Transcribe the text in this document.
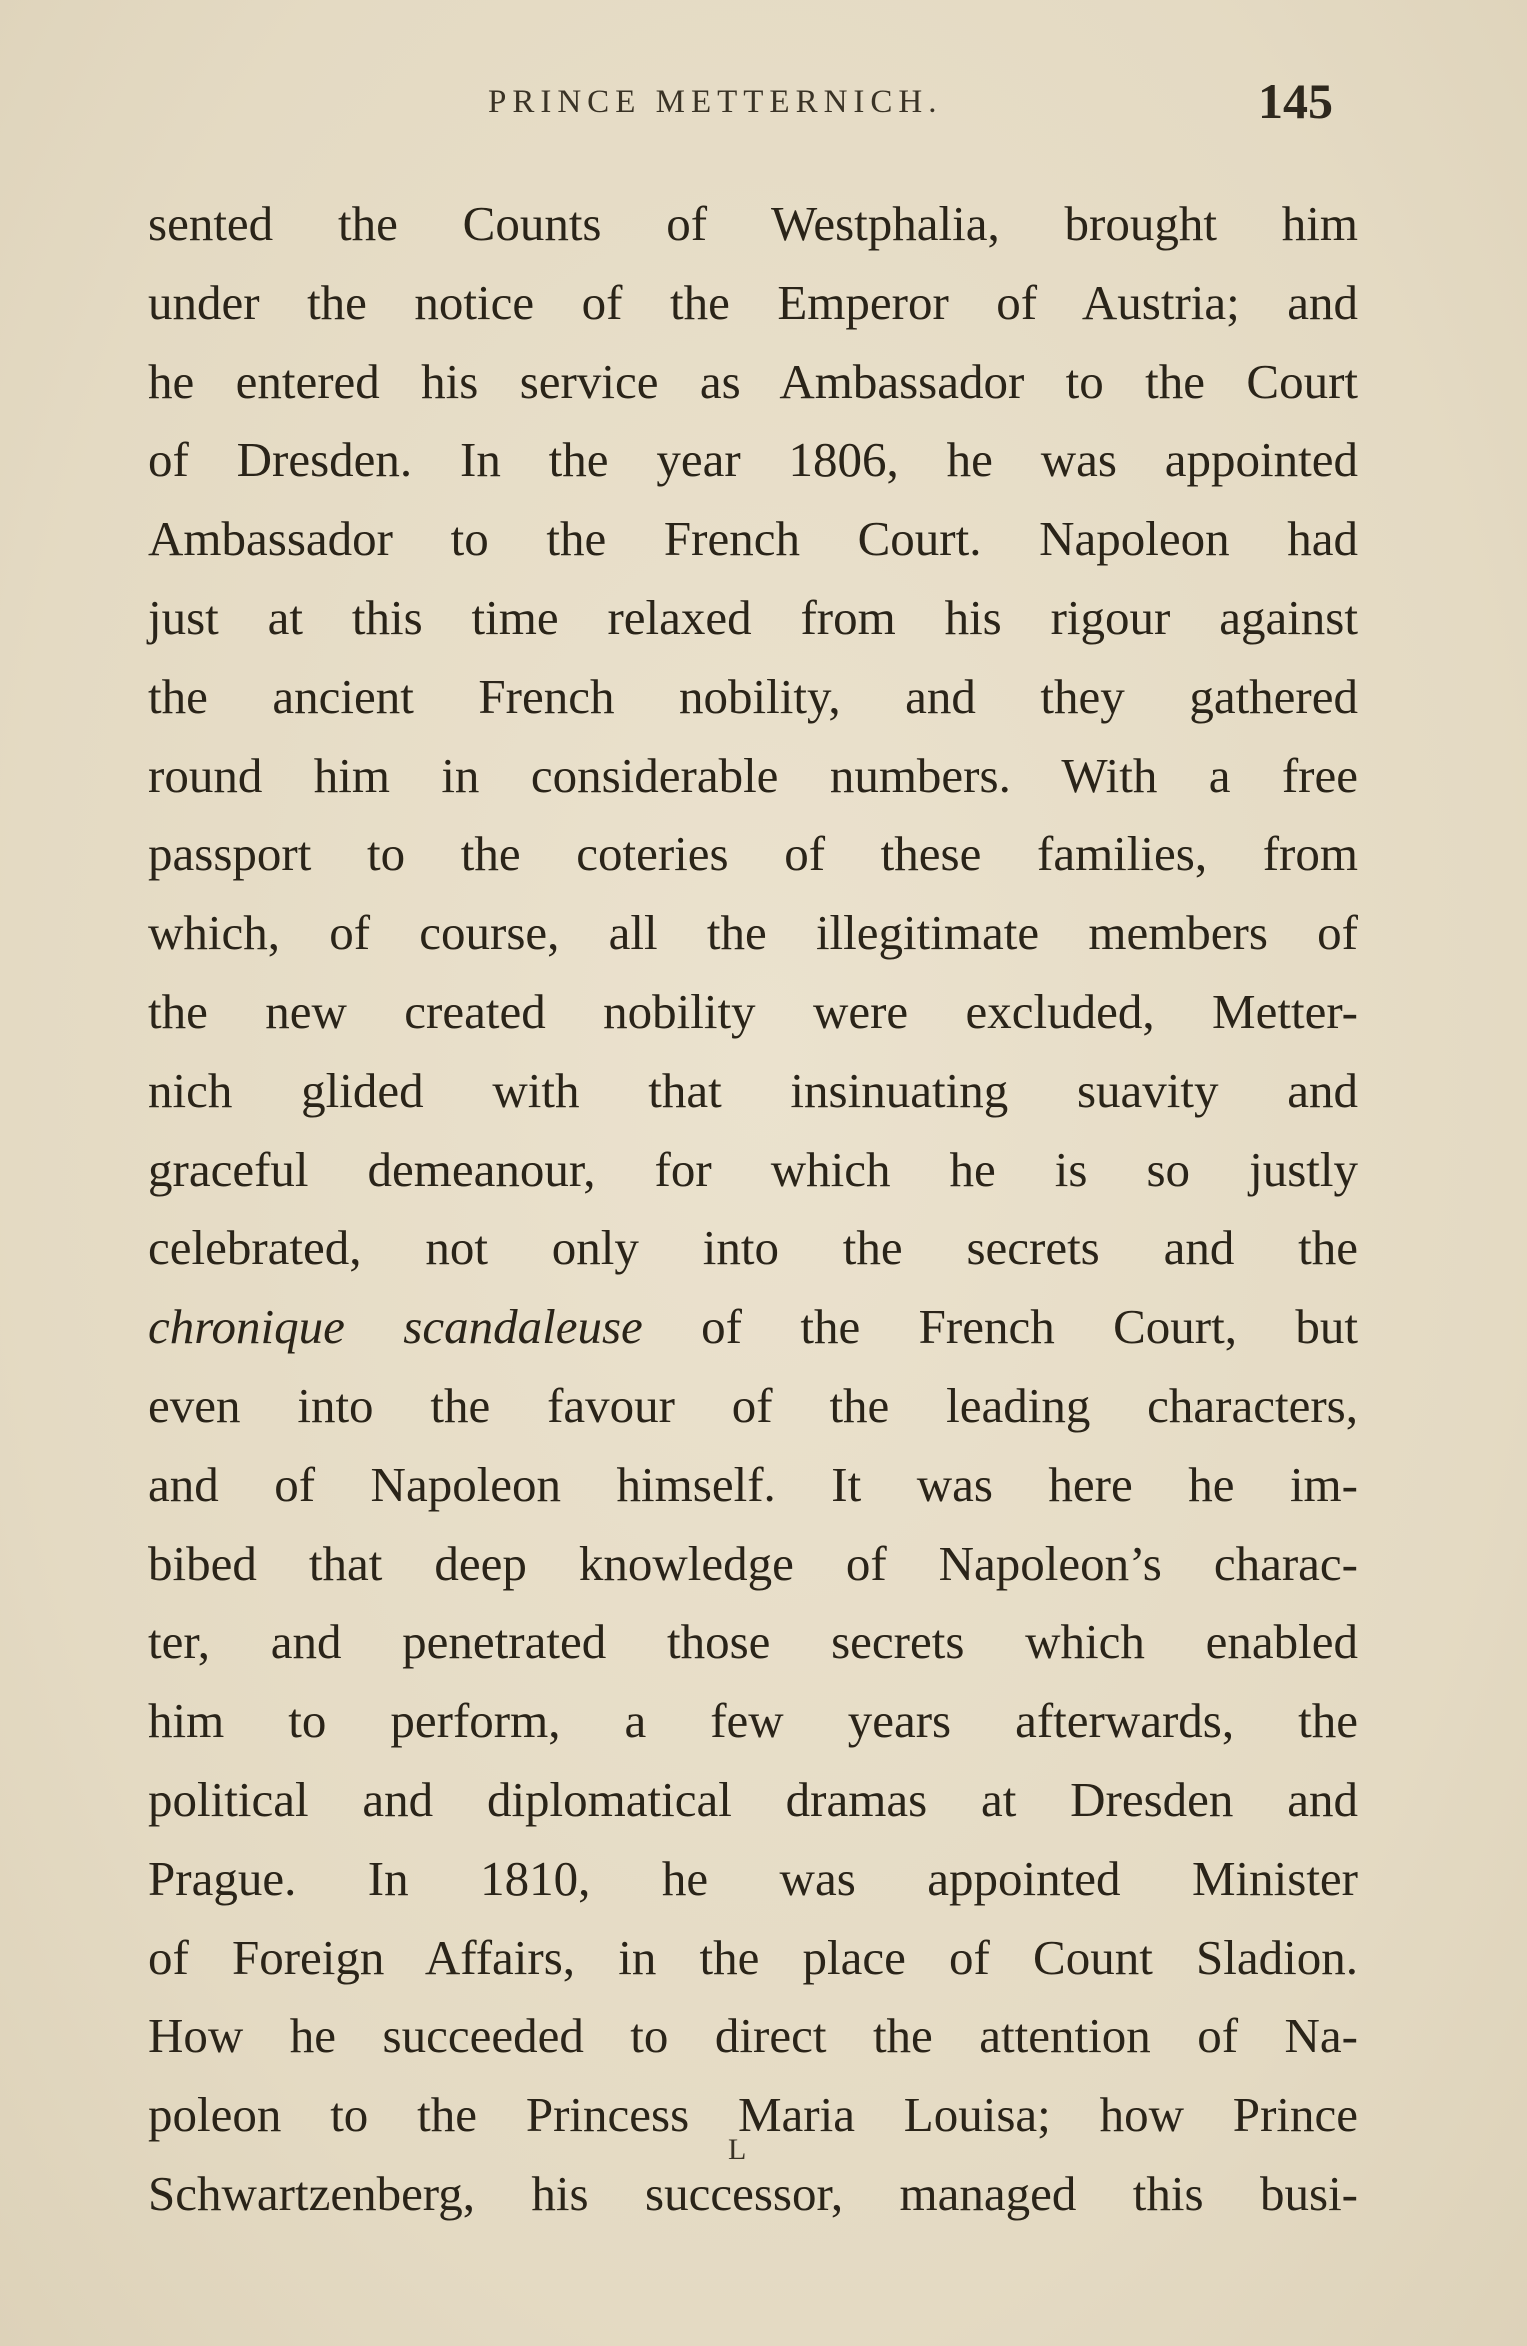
PRINCE METTERNICH.	145
sented the Counts of Westphalia, brought him
under the notice of the Emperor of Austria; and
he entered his service as Ambassador to the Court
of Dresden. In the year 1806, he was appointed
Ambassador to the French Court. Napoleon had
just at this time relaxed from his rigour against
the ancient French nobility, and they gathered
round him in considerable numbers. With a free
passport to the coteries of these families, from
which, of course, all the illegitimate members of
the new created nobility were excluded, Metter-
nich glided with that insinuating suavity and
graceful demeanour, for which he is so justly
celebrated, not only into the secrets and the
chronique scandaleuse of the French Court, but
even into the favour of the leading characters,
and of Napoleon himself. It was here he im-
bibed that deep knowledge of Napoleon’s charac-
ter, and penetrated those secrets which enabled
him to perform, a few years afterwards, the
political and diplomatical dramas at Dresden and
Prague. In 1810, he was appointed Minister
of Foreign Affairs, in the place of Count Sladion.
How he succeeded to direct the attention of Na-
poleon to the Princess Maria Louisa; how Prince
Schwartzenberg, his successor, managed this busi-
L
